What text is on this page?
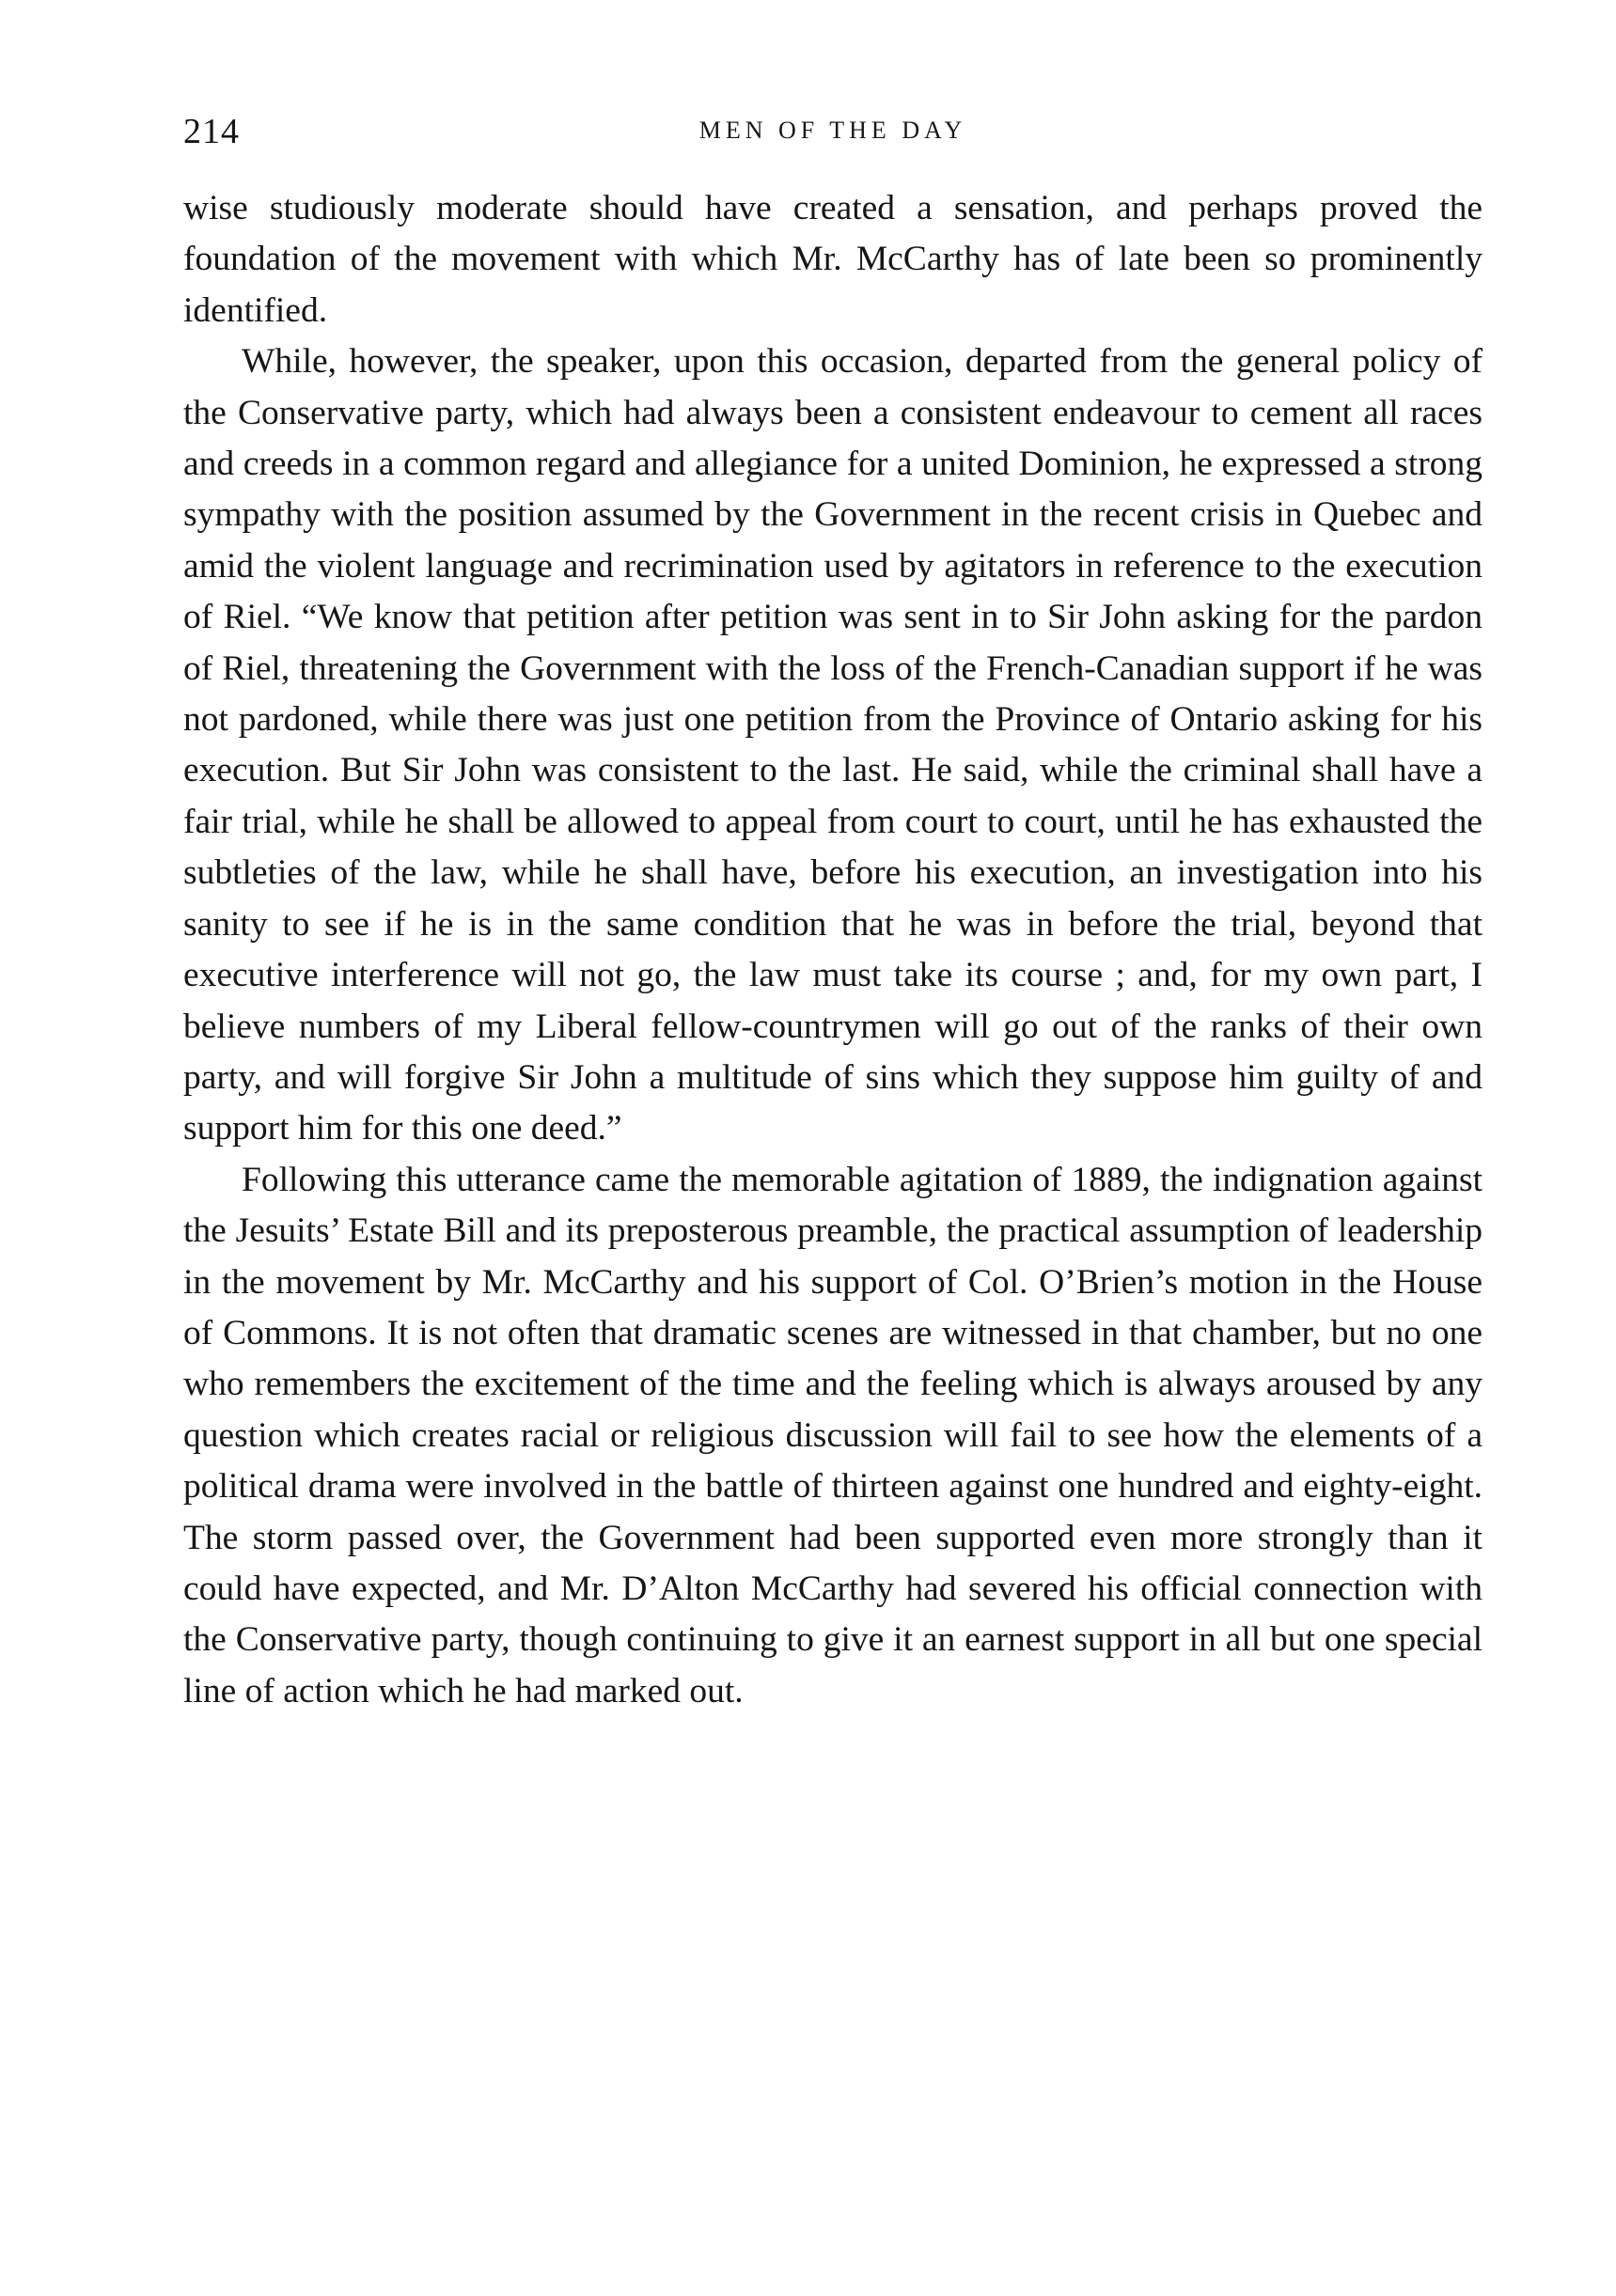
214	MEN OF THE DAY

wise studiously moderate should have created a sensation, and perhaps proved the foundation of the movement with which Mr. McCarthy has of late been so prominently identified.

While, however, the speaker, upon this occasion, departed from the general policy of the Conservative party, which had always been a consistent endeavour to cement all races and creeds in a common regard and allegiance for a united Dominion, he expressed a strong sympathy with the position assumed by the Government in the recent crisis in Quebec and amid the violent language and recrimination used by agitators in reference to the execution of Riel. “We know that petition after petition was sent in to Sir John asking for the pardon of Riel, threatening the Government with the loss of the French-Canadian support if he was not pardoned, while there was just one petition from the Province of Ontario asking for his execution. But Sir John was consistent to the last. He said, while the criminal shall have a fair trial, while he shall be allowed to appeal from court to court, until he has exhausted the subtleties of the law, while he shall have, before his execution, an investigation into his sanity to see if he is in the same condition that he was in before the trial, beyond that executive interference will not go, the law must take its course ; and, for my own part, I believe numbers of my Liberal fellow-countrymen will go out of the ranks of their own party, and will forgive Sir John a multitude of sins which they suppose him guilty of and support him for this one deed.”

Following this utterance came the memorable agitation of 1889, the indignation against the Jesuits’ Estate Bill and its preposterous preamble, the practical assumption of leadership in the movement by Mr. McCarthy and his support of Col. O’Brien’s motion in the House of Commons. It is not often that dramatic scenes are witnessed in that chamber, but no one who remembers the excitement of the time and the feeling which is always aroused by any question which creates racial or religious discussion will fail to see how the elements of a political drama were involved in the battle of thirteen against one hundred and eighty-eight. The storm passed over, the Government had been supported even more strongly than it could have expected, and Mr. D’Alton McCarthy had severed his official connection with the Conservative party, though continuing to give it an earnest support in all but one special line of action which he had marked out.
